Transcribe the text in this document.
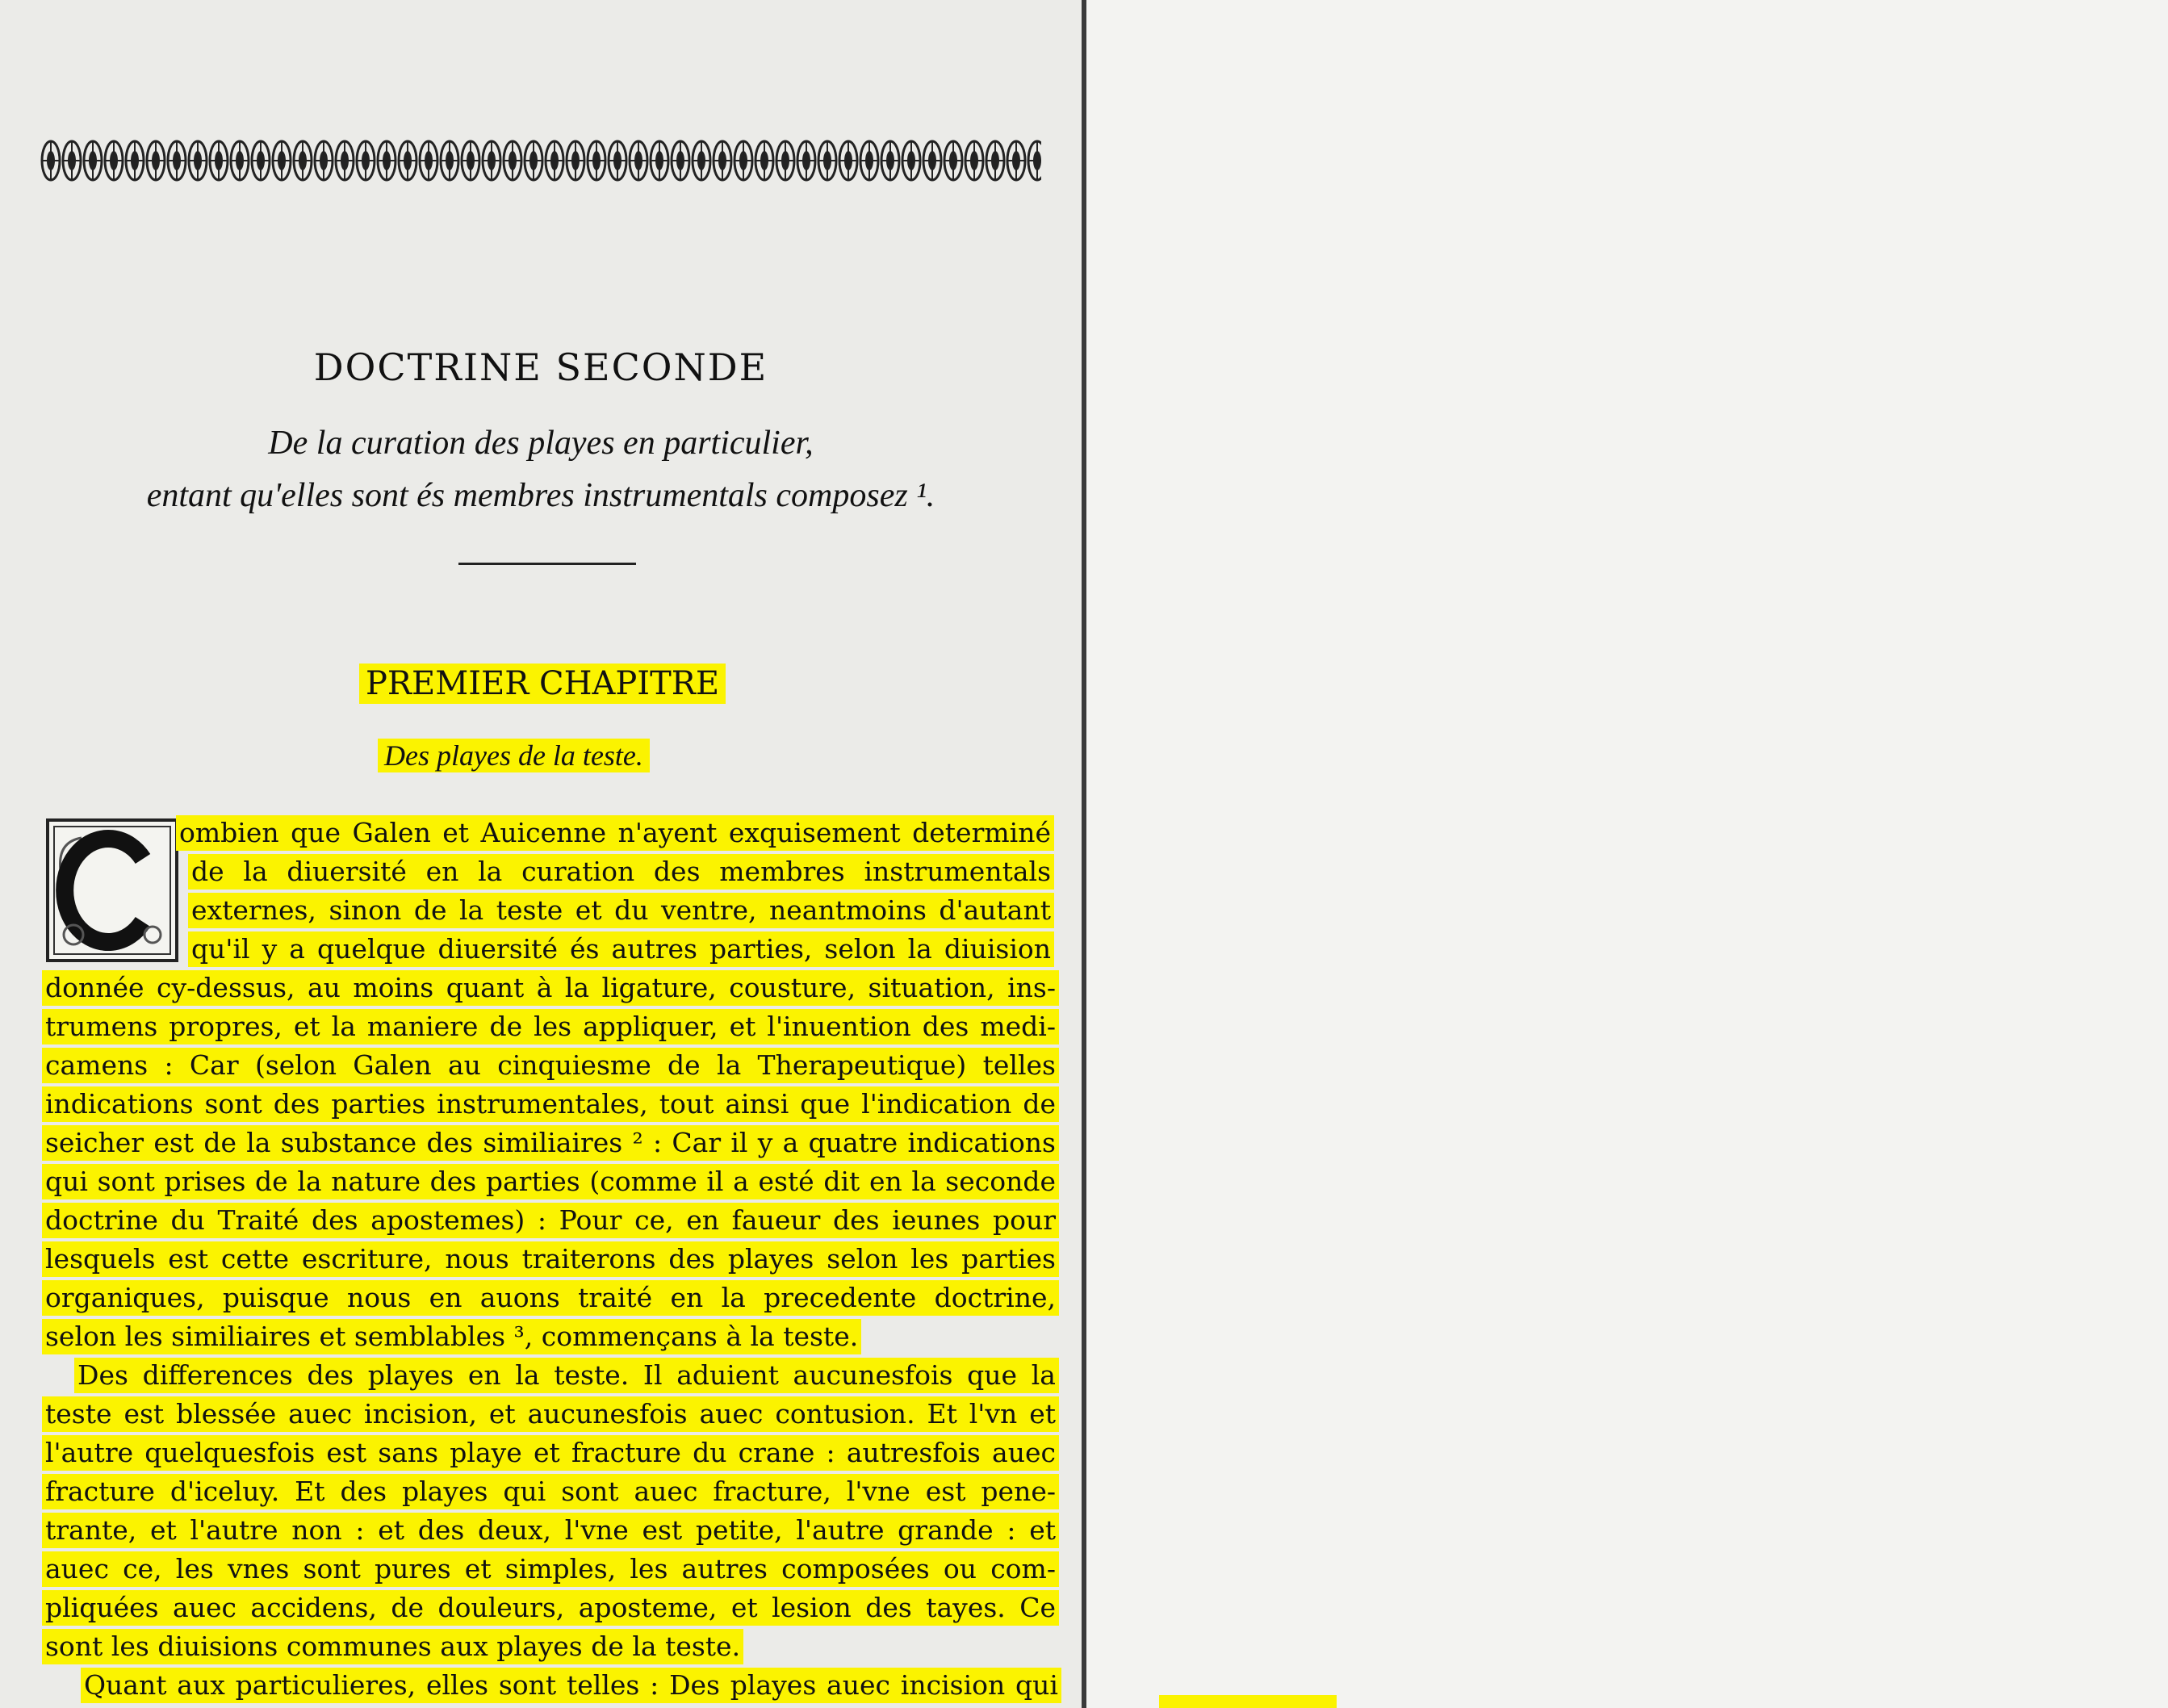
DOCTRINE SECONDE
De la curation des playes en particulier,
entant qu'elles sont és membres instrumentals composez ¹.
PREMIER CHAPITRE
Des playes de la teste.
ombien que Galen et Auicenne n'ayent exquisement determiné
de la diuersité en la curation des membres instrumentals
externes, sinon de la teste et du ventre, neantmoins d'autant
qu'il y a quelque diuersité és autres parties, selon la diuision
donnée cy-dessus, au moins quant à la ligature, cousture, situation, ins-
trumens propres, et la maniere de les appliquer, et l'inuention des medi-
camens : Car (selon Galen au cinquiesme de la Therapeutique) telles
indications sont des parties instrumentales, tout ainsi que l'indication de
seicher est de la substance des similiaires ² : Car il y a quatre indications
qui sont prises de la nature des parties (comme il a esté dit en la seconde
doctrine du Traité des apostemes) : Pour ce, en faueur des ieunes pour
lesquels est cette escriture, nous traiterons des playes selon les parties
organiques, puisque nous en auons traité en la precedente doctrine,
selon les similiaires et semblables ³, commençans à la teste.
Des differences des playes en la teste. Il aduient aucunesfois que la
teste est blessée auec incision, et aucunesfois auec contusion. Et l'vn et
l'autre quelquesfois est sans playe et fracture du crane : autresfois auec
fracture d'iceluy. Et des playes qui sont auec fracture, l'vne est pene-
trante, et l'autre non : et des deux, l'vne est petite, l'autre grande : et
auec ce, les vnes sont pures et simples, les autres composées ou com-
pliquées auec accidens, de douleurs, aposteme, et lesion des tayes. Ce
sont les diuisions communes aux playes de la teste.
Quant aux particulieres, elles sont telles : Des playes auec incision qui
